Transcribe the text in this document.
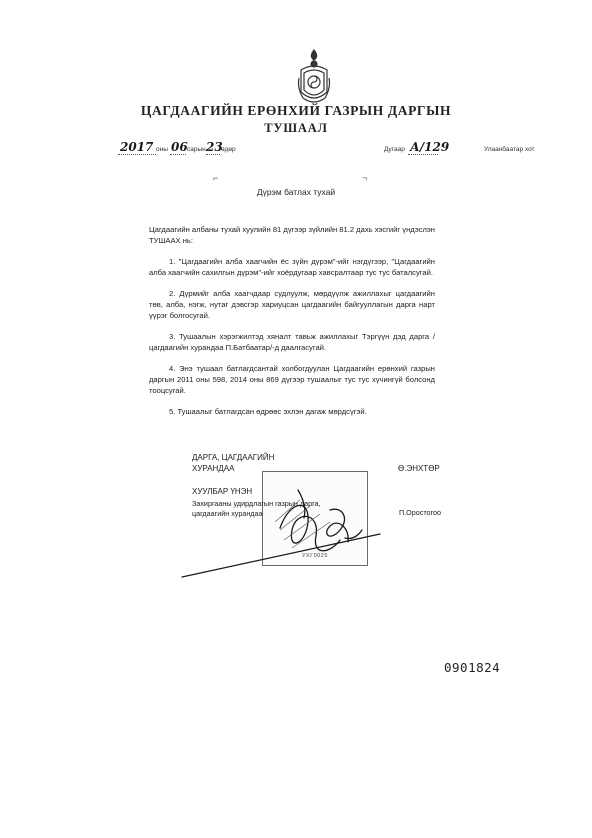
ЦАГДААГИЙН ЕРӨНХИЙ ГАЗРЫН ДАРГЫН
ТУШААЛ
2017 оны 06 сарын 23
өдөр	Дугаар А/129	Улаанбаатар хот
⌐	¬
Дүрэм батлах тухай

Цагдаагийн албаны тухай хуулийн 81 дүгээр зүйлийн 81.2 дахь хэсгийг үндэслэн ТУШААХ нь:

1. "Цагдаагийн алба хаагчийн ёс зүйн дүрэм"-ийг нэгдүгээр, "Цагдаагийн алба хаагчийн сахилгын дүрэм"-ийг хоёрдугаар хавсралтаар тус тус баталсугай.

2. Дүрмийг алба хаагчдаар судлуулж, мөрдүүлж ажиллахыг цагдаагийн төв, алба, нэгж, нутаг дэвсгэр хариуцсан цагдаагийн байгууллагын дарга нарт үүрэг болгосугай.

3. Тушаалын хэрэгжилтэд хяналт тавьж ажиллахыг Тэргүүн дэд дарга /цагдаагийн хурандаа П.Батбаатар/-д даалгасугай.

4. Энэ тушаал батлагдсантай холбогдуулан Цагдаагийн ерөнхий газрын даргын 2011 оны 598, 2014 оны 869 дүгээр тушаалыг тус тус хүчингүй болсонд тооцсугай.

5. Тушаалыг батлагдсан өдрөөс эхлэн дагаж мөрдсүгэй.

ДАРГА, ЦАГДААГИЙН
ХУРАНДАА	Ө.ЭНХТӨР
УХГ0025
ХУУЛБАР ҮНЭН
Захиргааны удирдлагын газрын дарга,
цагдаагийн хурандаа	П.Оростогоо
0901824
